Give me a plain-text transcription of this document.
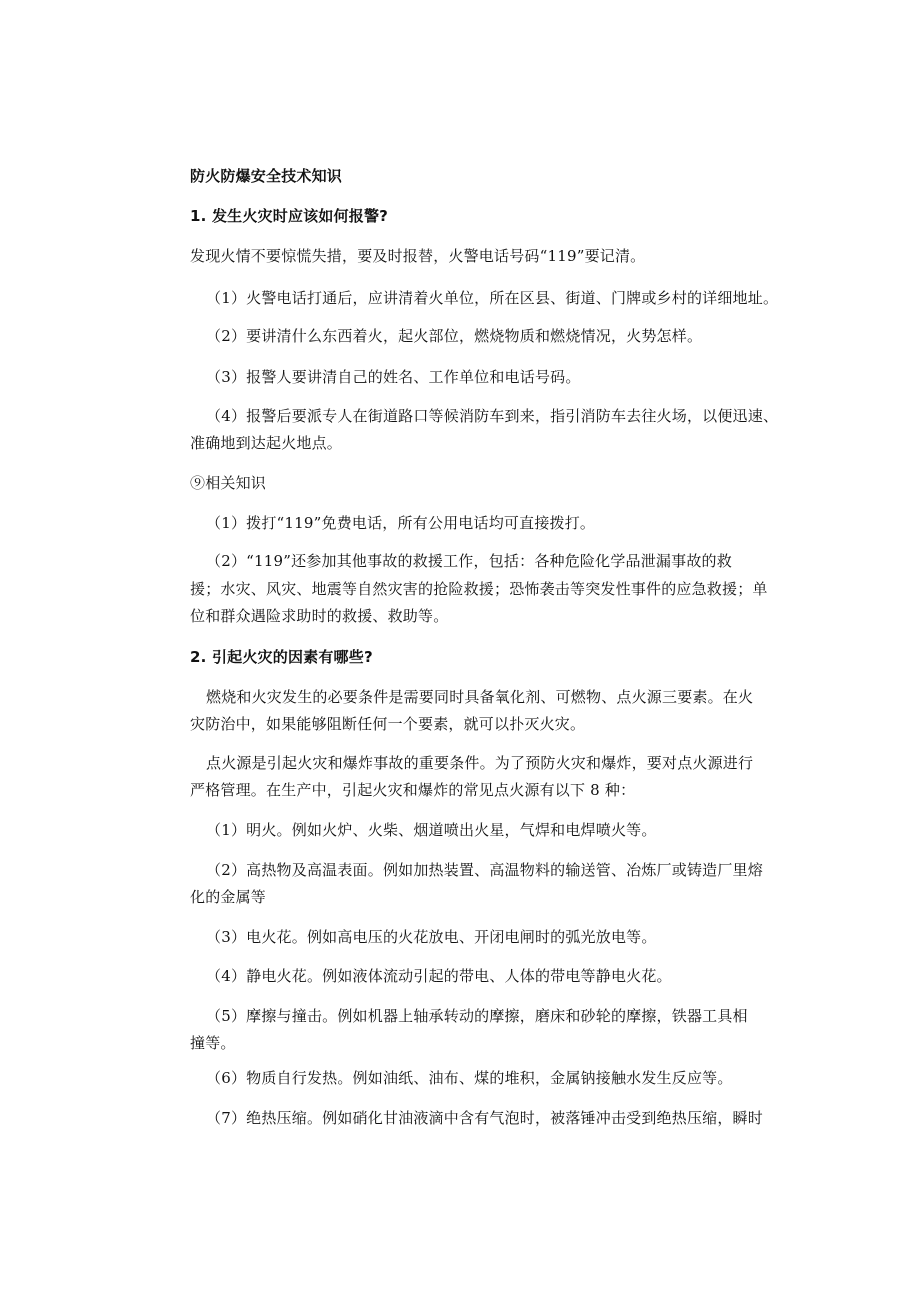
防火防爆安全技术知识
1. 发生火灾时应该如何报警?
发现火情不要惊慌失措，要及时报替，火警电话号码“119”要记清。
（1）火警电话打通后，应讲清着火单位，所在区县、街道、门牌或乡村的详细地址。
（2）要讲清什么东西着火，起火部位，燃烧物质和燃烧情况，火势怎样。
（3）报警人要讲清自己的姓名、工作单位和电话号码。
（4）报警后要派专人在街道路口等候消防车到来，指引消防车去往火场，以便迅速、
准确地到达起火地点。
⑨相关知识
（1）拨打“119”免费电话，所有公用电话均可直接拨打。
（2）“119”还参加其他事故的救援工作，包括：各种危险化学品泄漏事故的救
援；水灾、风灾、地震等自然灾害的抢险救援；恐怖袭击等突发性事件的应急救援；单
位和群众遇险求助时的救援、救助等。
2. 引起火灾的因素有哪些?
燃烧和火灾发生的必要条件是需要同时具备氧化剂、可燃物、点火源三要素。在火
灾防治中，如果能够阻断任何一个要素，就可以扑灭火灾。
点火源是引起火灾和爆炸事故的重要条件。为了预防火灾和爆炸，要对点火源进行
严格管理。在生产中，引起火灾和爆炸的常见点火源有以下 8 种：
（1）明火。例如火炉、火柴、烟道喷出火星，气焊和电焊喷火等。
（2）高热物及高温表面。例如加热装置、高温物料的输送管、冶炼厂或铸造厂里熔
化的金属等
（3）电火花。例如高电压的火花放电、开闭电闸时的弧光放电等。
（4）静电火花。例如液体流动引起的带电、人体的带电等静电火花。
（5）摩擦与撞击。例如机器上轴承转动的摩擦，磨床和砂轮的摩擦，铁器工具相
撞等。
（6）物质自行发热。例如油纸、油布、煤的堆积，金属钠接触水发生反应等。
（7）绝热压缩。例如硝化甘油液滴中含有气泡时，被落锤冲击受到绝热压缩，瞬时
